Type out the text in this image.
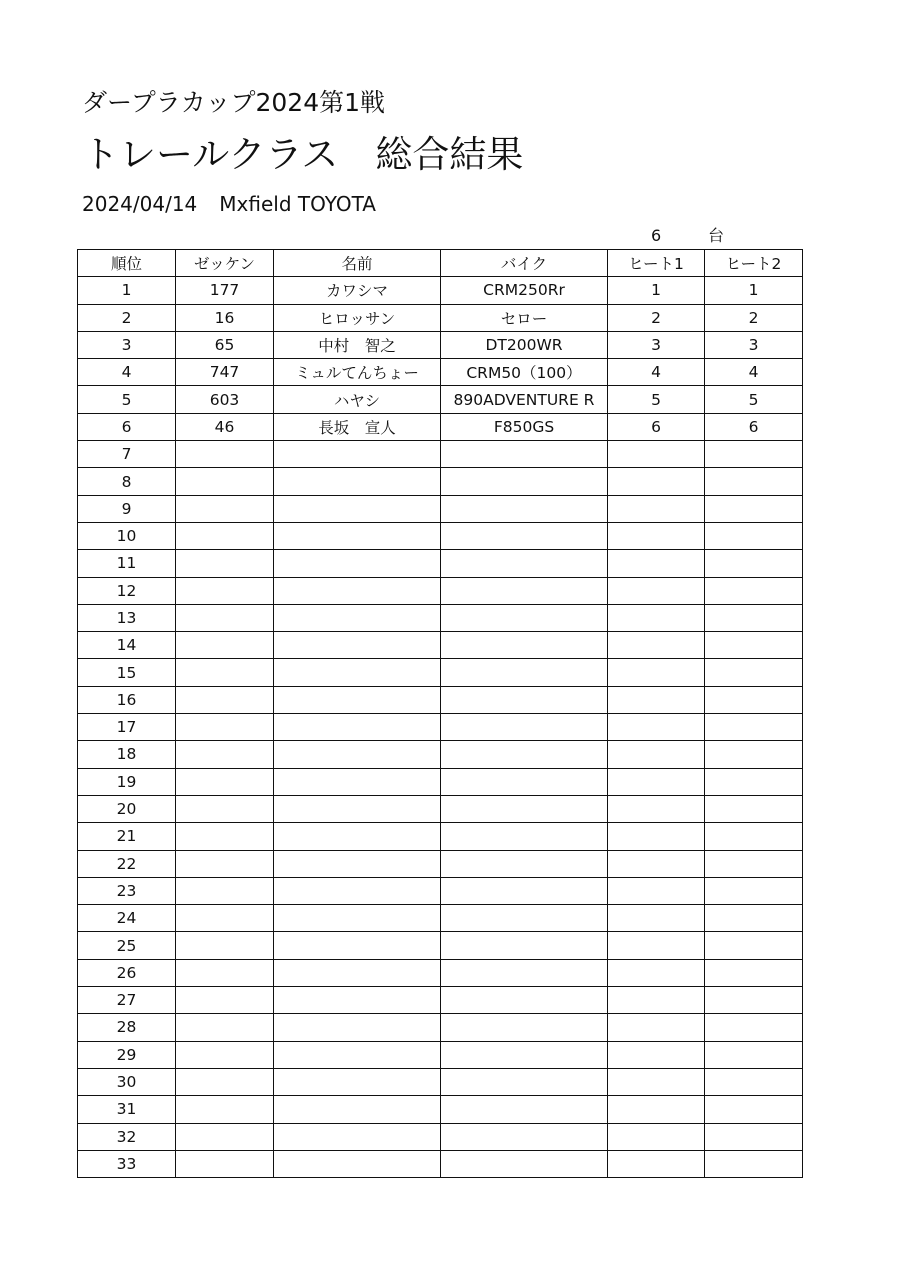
ダープラカップ2024第1戦
トレールクラス　総合結果
2024/04/14 Mxfield TOYOTA
6	台
順位	ゼッケン	名前	バイク	ヒート1	ヒート2
1	177	カワシマ	CRM250Rr	1	1
2	16	ヒロッサン	セロー	2	2
3	65	中村　智之	DT200WR	3	3
4	747	ミュルてんちょー	CRM50（100）	4	4
5	603	ハヤシ	890ADVENTURE R	5	5
6	46	長坂　宣人	F850GS	6	6
7					
8					
9					
10					
11					
12					
13					
14					
15					
16					
17					
18					
19					
20					
21					
22					
23					
24					
25					
26					
27					
28					
29					
30					
31					
32					
33					
